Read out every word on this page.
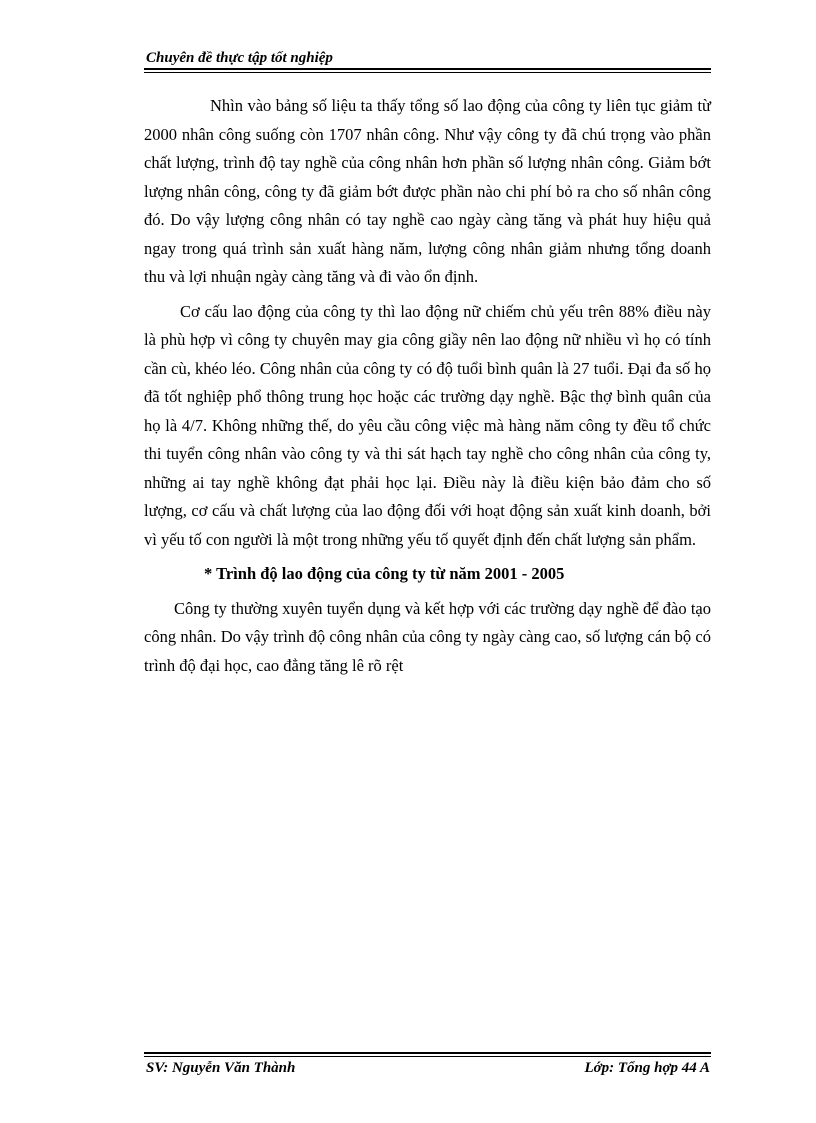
Chuyên đề thực tập tốt nghiệp

Nhìn vào bảng số liệu ta thấy tổng số lao động của công ty liên tục giảm từ 2000 nhân công suống còn 1707 nhân công. Như vậy công ty đã chú trọng vào phần chất lượng, trình độ tay nghề của công nhân hơn phần số lượng nhân công. Giảm bớt lượng nhân công, công ty đã giảm bớt được phần nào chi phí bỏ ra cho số nhân công đó. Do vậy lượng công nhân có tay nghề cao ngày càng tăng và phát huy hiệu quả ngay trong quá trình sản xuất hàng năm, lượng công nhân giảm nhưng tổng doanh thu và lợi nhuận ngày càng tăng và đi vào ổn định.

Cơ cấu lao động của công ty thì lao động nữ chiếm chủ yếu trên 88% điều này là phù hợp vì công ty chuyên may gia công giầy nên lao động nữ nhiều vì họ có tính cần cù, khéo léo. Công nhân của công ty có độ tuổi bình quân là 27 tuổi. Đại đa số họ đã tốt nghiệp phổ thông trung học hoặc các trường dạy nghề. Bậc thợ bình quân của họ là 4/7. Không những thế, do yêu cầu công việc mà hàng năm công ty đều tổ chức thi tuyển công nhân vào công ty và thi sát hạch tay nghề cho công nhân của công ty, những ai tay nghề không đạt phải học lại. Điều này là điều kiện bảo đảm cho số lượng, cơ cấu và chất lượng của lao động đối với hoạt động sản xuất kinh doanh, bởi vì yếu tố con người là một trong những yếu tố quyết định đến chất lượng sản phẩm.

* Trình độ lao động của công ty từ năm 2001 - 2005

Công ty thường xuyên tuyển dụng và kết hợp với các trường dạy nghề để đào tạo công nhân. Do vậy trình độ công nhân của công ty ngày càng cao, số lượng cán bộ có trình độ đại học, cao đẳng tăng lê rõ rệt

SV: Nguyễn Văn Thành	Lớp: Tổng hợp 44 A
